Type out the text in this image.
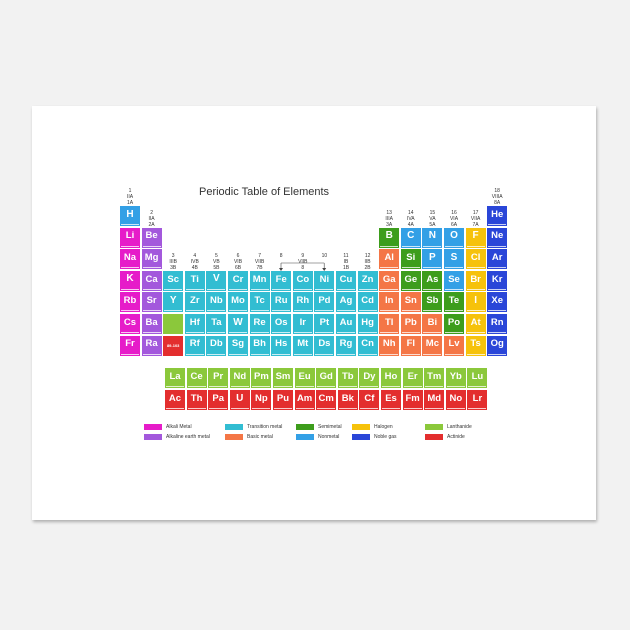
Periodic Table of Elements
H	He
Li Be	B C N O F Ne
Na Mg	Al Si P S Cl Ar
K Ca Sc Ti V Cr Mn Fe Co Ni Cu Zn Ga Ge As Se Br Kr
Rb Sr Y Zr Nb Mo Tc Ru Rh Pd Ag Cd In Sn Sb Te I Xe
Cs Ba	Hf Ta W Re Os Ir Pt Au Hg Tl Pb Bi Po At Rn
Fr Ra	Rf Db Sg Bh Hs Mt Ds Rg Cn Nh Fl Mc Lv Ts Og
1
IIA
1A
2
IIA
2A
3
IIIB
3B
4
IVB
4B
5
VB
5B
6
VIB
6B
7
VIIB
7B
8	9
VIIB
8
10	11
IB
1B
12
IIB
2B
13
IIIA
3A
14
IVA
4A
15
VA
5A
16
VIA
6A
17
VIIA
7A
18
VIIIA
8A
89-103
La Ce Pr Nd Pm Sm Eu Gd Tb Dy Ho Er Tm Yb Lu
Ac Th Pa U Np Pu Am Cm Bk Cf Es Fm Md No Lr
Alkali Metal
Alkaline earth metal
Transition metal
Basic metal
Semimetal
Nonmetal
Halogen
Noble gas
Lanthanide
Actinide
